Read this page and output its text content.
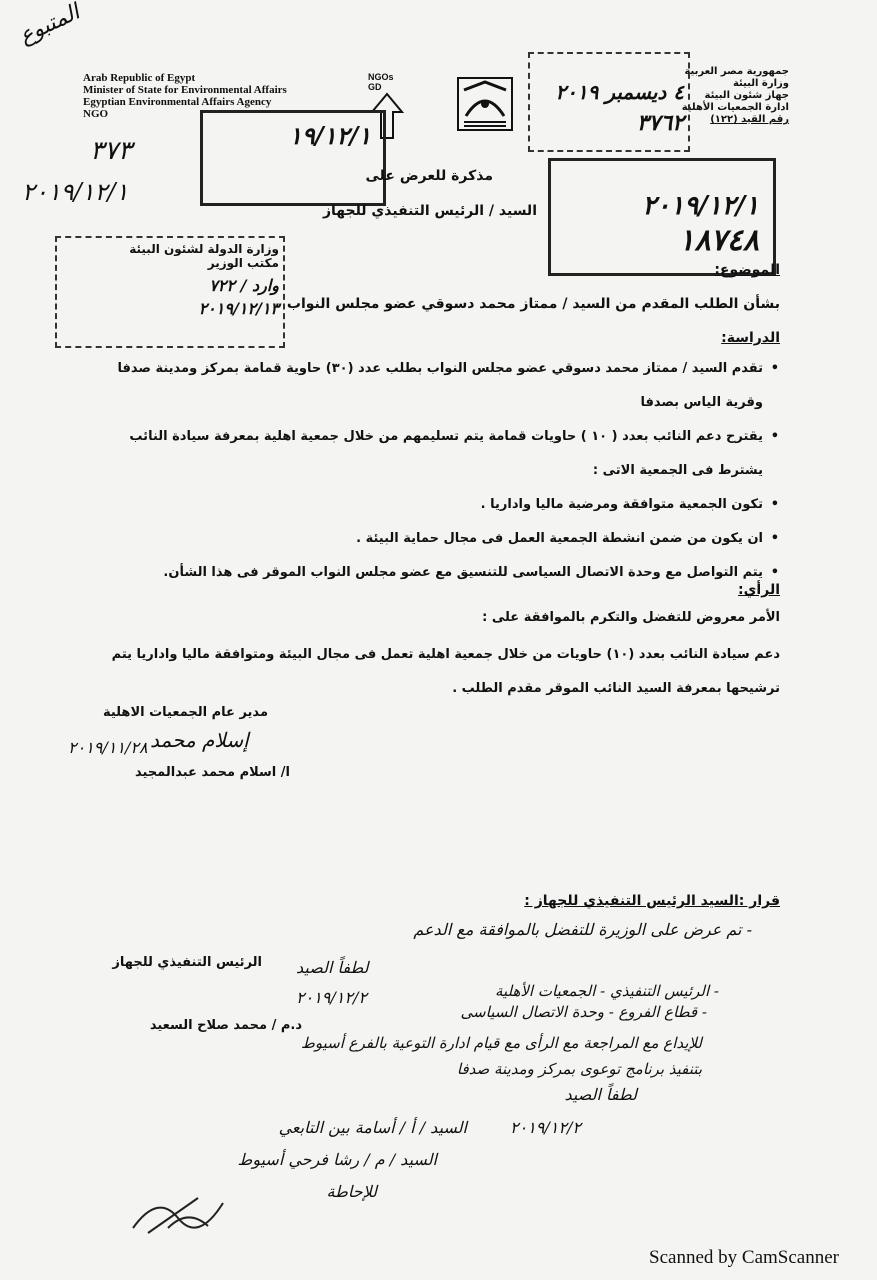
Arab Republic of Egypt
Minister of State for Environmental Affairs
Egyptian Environmental Affairs Agency
NGO
جمهورية مصر العربية
وزارة البيئة
جهاز شئون البيئة
ادارة الجمعيات الأهلية
رقم القيد (١٢٢)
NGOs GD	٤ ديسمبر ٢٠١٩
٣٧٦٢
١٩/١٢/١
٢٠١٩/١٢/١
١٨٧٤٨
وزارة الدولة لشئون البيئة
مكتب الوزير
وارد / ٧٢٢
٢٠١٩/١٢/١٣
المتبوع
٣٧٣
٢٠١٩/١٢/١
مذكرة للعرض على
السيد / الرئيس التنفيذي للجهاز
الموضوع:
بشأن الطلب المقدم من السيد / ممتاز محمد دسوقي عضو مجلس النواب
الدراسة:
• تقدم السيد / ممتاز محمد دسوقي عضو مجلس النواب بطلب عدد (٣٠) حاوية قمامة بمركز ومدينة صدفا وقرية الياس بصدفا
• يقترح دعم النائب بعدد ( ١٠ ) حاويات قمامة يتم تسليمهم من خلال جمعية اهلية بمعرفة سيادة النائب يشترط فى الجمعية الاتى :
• تكون الجمعية متوافقة ومرضية ماليا واداريا .
• ان يكون من ضمن انشطة الجمعية العمل فى مجال حماية البيئة .
• يتم التواصل مع وحدة الاتصال السياسى للتنسيق مع عضو مجلس النواب الموقر فى هذا الشأن.
الرأي:
الأمر معروض للتفضل والتكرم بالموافقة على :
دعم سيادة النائب بعدد (١٠) حاويات من خلال جمعية اهلية تعمل فى مجال البيئة ومتوافقة ماليا واداريا يتم ترشيحها بمعرفة السيد النائب الموقر مقدم الطلب .
مدير عام الجمعيات الاهلية
إسلام محمد
٢٠١٩/١١/٢٨
ا/ اسلام محمد عبدالمجيد
قرار :السيد الرئيس التنفيذي للجهاز :
الرئيس التنفيذي للجهاز
د.م / محمد صلاح السعيد
- تم عرض على الوزيرة للتفضل بالموافقة مع الدعم
لطفاً الصيد
٢٠١٩/١٢/٢	- الرئيس التنفيذي - الجمعيات الأهلية
- قطاع الفروع - وحدة الاتصال السياسى
للإيداع مع المراجعة مع الرأى مع قيام ادارة التوعية بالفرع أسيوط
بتنفيذ برنامج توعوى بمركز ومدينة صدفا
لطفاً الصيد
٢٠١٩/١٢/٢
السيد / أ / أسامة بين التابعي
السيد / م / رشا فرحي أسيوط
للإحاطة
Scanned by CamScanner
